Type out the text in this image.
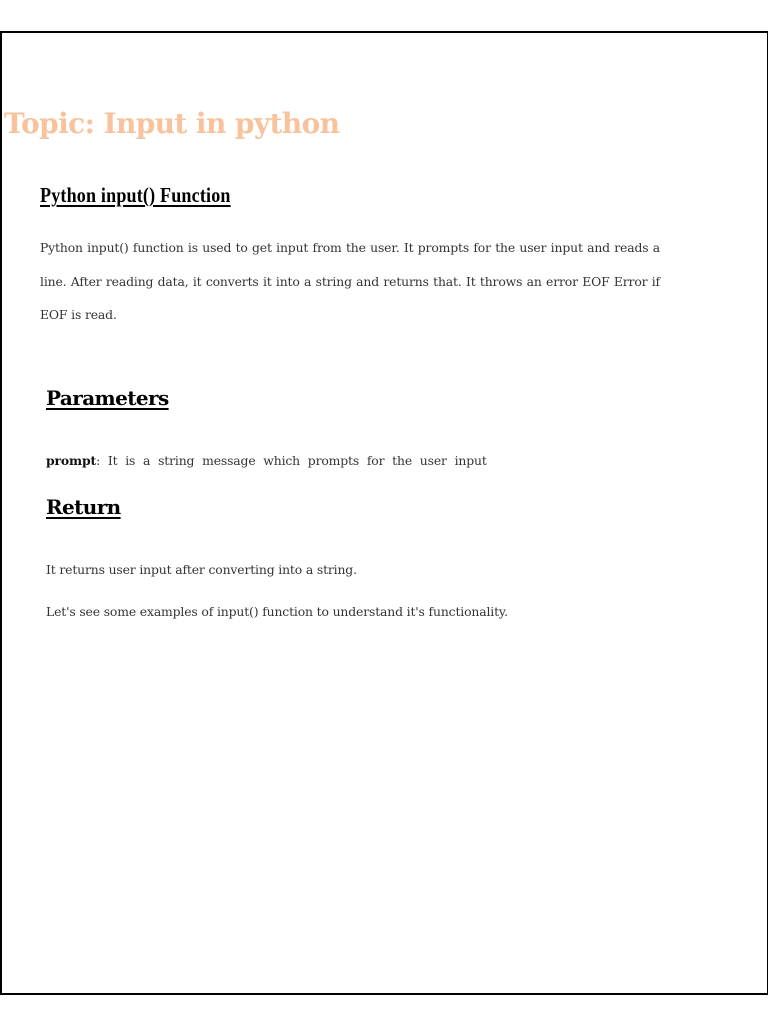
Topic: Input in python
Python input() Function

Python input() function is used to get input from the user. It prompts for the user input and reads a line. After reading data, it converts it into a string and returns that. It throws an error EOF Error if EOF is read.

Parameters

prompt: It is a string message which prompts for the user input

Return

It returns user input after converting into a string.

Let's see some examples of input() function to understand it's functionality.
